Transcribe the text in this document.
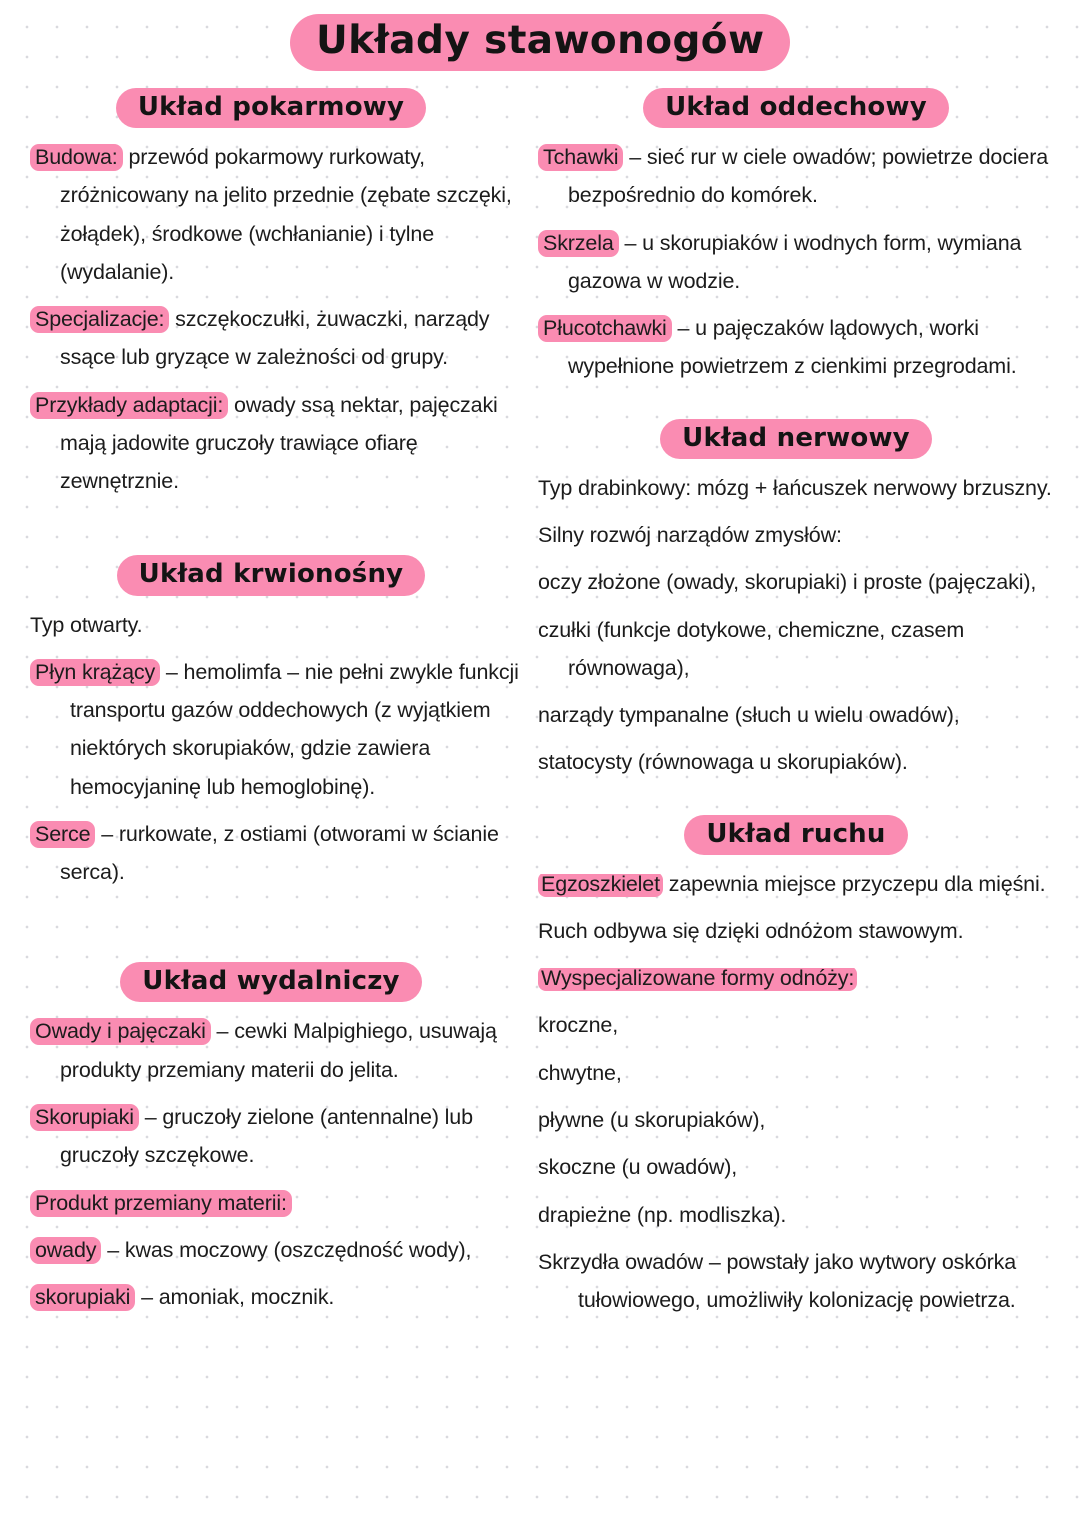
Układy stawonogów
Układ pokarmowy

Budowa: przewód pokarmowy rurkowaty, zróżnicowany na jelito przednie (zębate szczęki, żołądek), środkowe (wchłanianie) i tylne (wydalanie).

Specjalizacje: szczękoczułki, żuwaczki, narządy ssące lub gryzące w zależności od grupy.

Przykłady adaptacji: owady ssą nektar, pajęczaki mają jadowite gruczoły trawiące ofiarę zewnętrznie.

Układ krwionośny

Typ otwarty.

Płyn krążący – hemolimfa – nie pełni zwykle funkcji transportu gazów oddechowych (z wyjątkiem niektórych skorupiaków, gdzie zawiera hemocyjaninę lub hemoglobinę).

Serce – rurkowate, z ostiami (otworami w ścianie serca).

Układ wydalniczy

Owady i pajęczaki – cewki Malpighiego, usuwają produkty przemiany materii do jelita.

Skorupiaki – gruczoły zielone (antennalne) lub gruczoły szczękowe.

Produkt przemiany materii:

owady – kwas moczowy (oszczędność wody),

skorupiaki – amoniak, mocznik.

Układ oddechowy

Tchawki – sieć rur w ciele owadów; powietrze dociera bezpośrednio do komórek.

Skrzela – u skorupiaków i wodnych form, wymiana gazowa w wodzie.

Płucotchawki – u pajęczaków lądowych, worki wypełnione powietrzem z cienkimi przegrodami.

Układ nerwowy

Typ drabinkowy: mózg + łańcuszek nerwowy brzuszny.

Silny rozwój narządów zmysłów:

oczy złożone (owady, skorupiaki) i proste (pajęczaki),

czułki (funkcje dotykowe, chemiczne, czasem równowaga),

narządy tympanalne (słuch u wielu owadów),

statocysty (równowaga u skorupiaków).

Układ ruchu

Egzoszkielet zapewnia miejsce przyczepu dla mięśni.

Ruch odbywa się dzięki odnóżom stawowym.

Wyspecjalizowane formy odnóży:

kroczne,

chwytne,

pływne (u skorupiaków),

skoczne (u owadów),

drapieżne (np. modliszka).

Skrzydła owadów – powstały jako wytwory oskórka tułowiowego, umożliwiły kolonizację powietrza.
